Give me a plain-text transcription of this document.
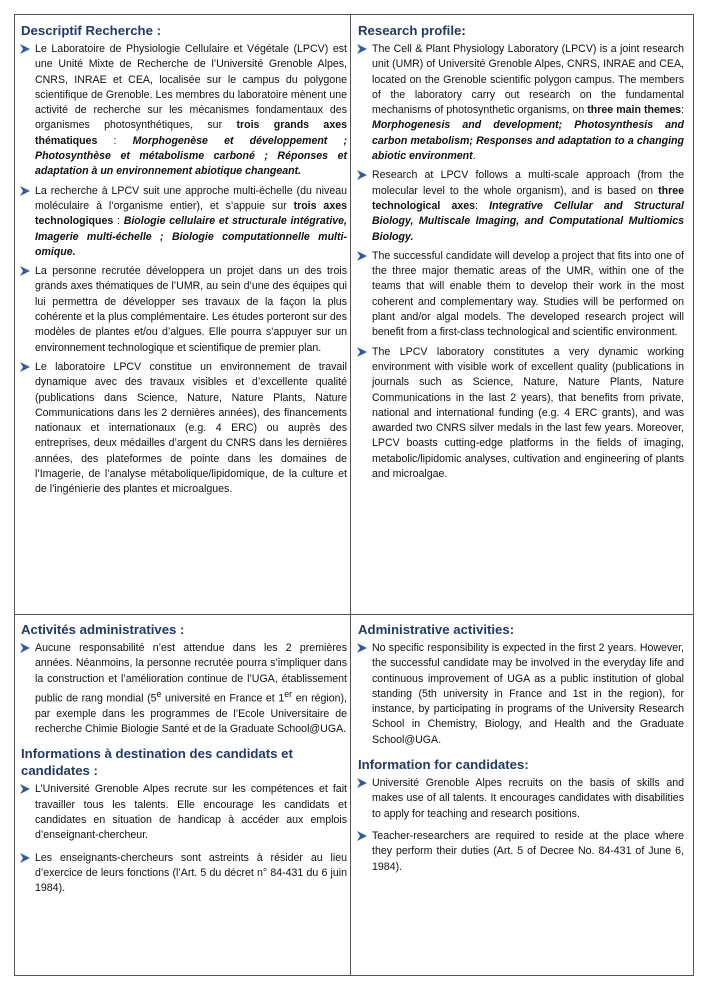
Descriptif Recherche :
Le Laboratoire de Physiologie Cellulaire et Végétale (LPCV) est une Unité Mixte de Recherche de l’Université Grenoble Alpes, CNRS, INRAE et CEA, localisée sur le campus du polygone scientifique de Grenoble. Les membres du laboratoire mènent une activité de recherche sur les mécanismes fondamentaux des organismes photosynthétiques, sur trois grands axes thématiques : Morphogenèse et développement ; Photosynthèse et métabolisme carboné ; Réponses et adaptation à un environnement abiotique changeant.
La recherche à LPCV suit une approche multi-échelle (du niveau moléculaire à l’organisme entier), et s’appuie sur trois axes technologiques : Biologie cellulaire et structurale intégrative, Imagerie multi-échelle ; Biologie computationnelle multi-omique.
La personne recrutée développera un projet dans un des trois grands axes thématiques de l’UMR, au sein d’une des équipes qui lui permettra de développer ses travaux de la façon la plus cohérente et la plus complémentaire. Les études porteront sur des modèles de plantes et/ou d’algues. Elle pourra s’appuyer sur un environnement technologique et scientifique de premier plan.
Le laboratoire LPCV constitue un environnement de travail dynamique avec des travaux visibles et d’excellente qualité (publications dans Science, Nature, Nature Plants, Nature Communications dans les 2 dernières années), des financements nationaux et internationaux (e.g. 4 ERC) ou auprès des entreprises, deux médailles d’argent du CNRS dans les dernières années, des plateformes de pointe dans les domaines de l’Imagerie, de l’analyse métabolique/lipidomique, de la culture et de l’ingénierie des plantes et microalgues.
Research profile:
The Cell & Plant Physiology Laboratory (LPCV) is a joint research unit (UMR) of Université Grenoble Alpes, CNRS, INRAE and CEA, located on the Grenoble scientific polygon campus. The members of the laboratory carry out research on the fundamental mechanisms of photosynthetic organisms, on three main themes: Morphogenesis and development; Photosynthesis and carbon metabolism; Responses and adaptation to a changing abiotic environment.
Research at LPCV follows a multi-scale approach (from the molecular level to the whole organism), and is based on three technological axes: Integrative Cellular and Structural Biology, Multiscale Imaging, and Computational Multiomics Biology.
The successful candidate will develop a project that fits into one of the three major thematic areas of the UMR, within one of the teams that will enable them to develop their work in the most coherent and complementary way. Studies will be performed on plant and/or algal models. The developed research project will benefit from a first-class technological and scientific environment.
The LPCV laboratory constitutes a very dynamic working environment with visible work of excellent quality (publications in journals such as Science, Nature, Nature Plants, Nature Communications in the last 2 years), that benefits from private, national and international funding (e.g. 4 ERC grants), and was awarded two CNRS silver medals in the last few years. Moreover, LPCV boasts cutting-edge platforms in the fields of imaging, metabolic/lipidomic analyses, cultivation and engineering of plants and microalgae.
Activités administratives :
Aucune responsabilité n’est attendue dans les 2 premières années. Néanmoins, la personne recrutée pourra s’impliquer dans la construction et l’amélioration continue de l’UGA, établissement public de rang mondial (5e université en France et 1er en région), par exemple dans les programmes de l’Ecole Universitaire de recherche Chimie Biologie Santé et de la Graduate School@UGA.
Informations à destination des candidats et candidates :
L’Université Grenoble Alpes recrute sur les compétences et fait travailler tous les talents. Elle encourage les candidats et candidates en situation de handicap à accéder aux emplois d’enseignant-chercheur.
Les enseignants-chercheurs sont astreints à résider au lieu d’exercice de leurs fonctions (l’Art. 5 du décret n° 84-431 du 6 juin 1984).
Administrative activities:
No specific responsibility is expected in the first 2 years. However, the successful candidate may be involved in the everyday life and continuous improvement of UGA as a public institution of global standing (5th university in France and 1st in the region), for instance, by participating in programs of the University Research School in Chemistry, Biology, and Health and the Graduate School@UGA.
Information for candidates:
Université Grenoble Alpes recruits on the basis of skills and makes use of all talents. It encourages candidates with disabilities to apply for teaching and research positions.
Teacher-researchers are required to reside at the place where they perform their duties (Art. 5 of Decree No. 84-431 of June 6, 1984).
